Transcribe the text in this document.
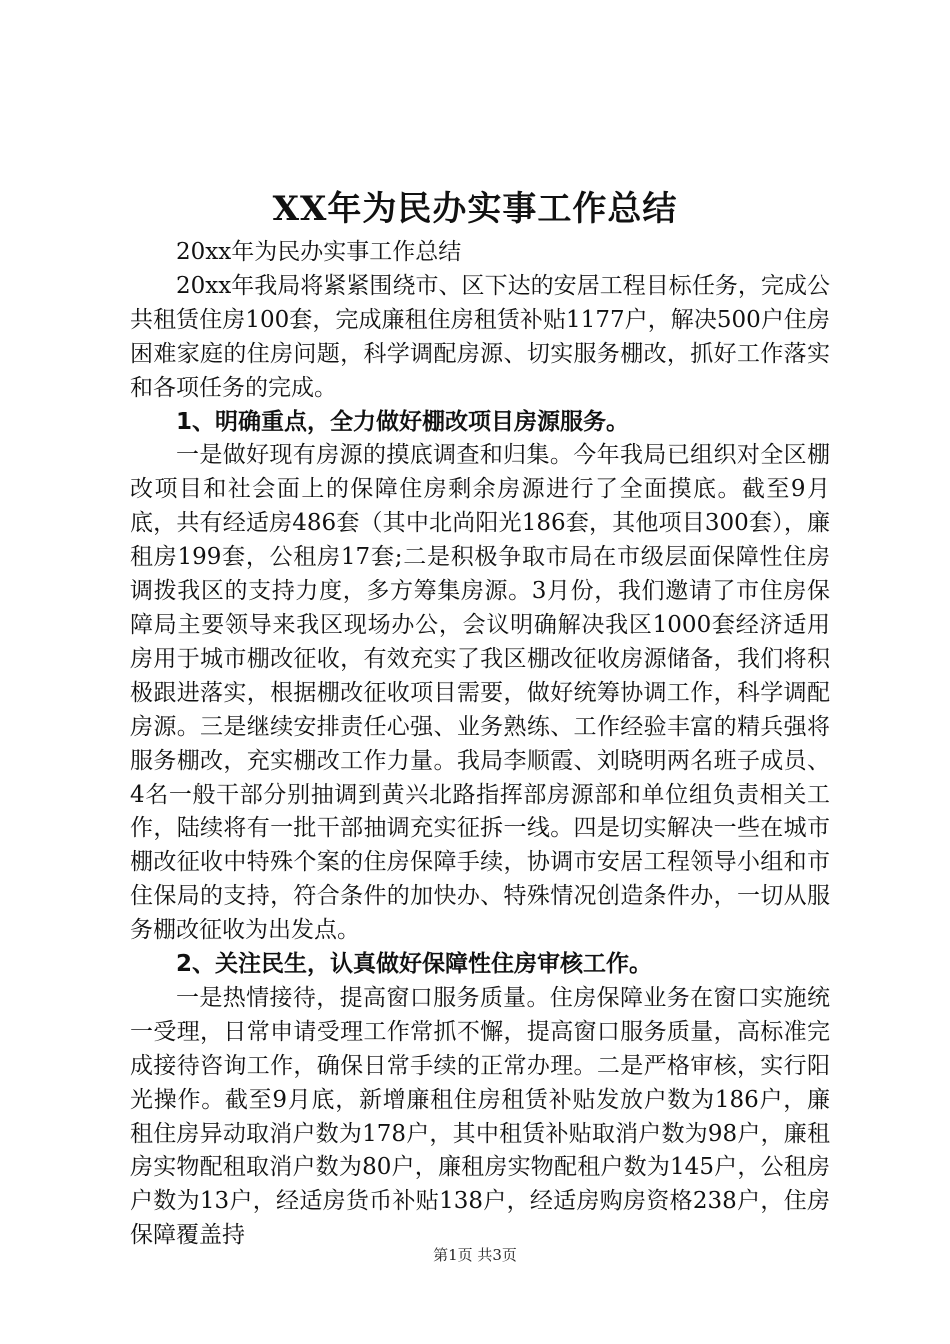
XX年为民办实事工作总结

20xx年为民办实事工作总结

20xx年我局将紧紧围绕市、区下达的安居工程目标任务，完成公共租赁住房100套，完成廉租住房租赁补贴1177户，解决500户住房困难家庭的住房问题，科学调配房源、切实服务棚改，抓好工作落实和各项任务的完成。

1、明确重点，全力做好棚改项目房源服务。

一是做好现有房源的摸底调查和归集。今年我局已组织对全区棚改项目和社会面上的保障住房剩余房源进行了全面摸底。截至9月底，共有经适房486套（其中北尚阳光186套，其他项目300套），廉租房199套，公租房17套;二是积极争取市局在市级层面保障性住房调拨我区的支持力度，多方筹集房源。3月份，我们邀请了市住房保障局主要领导来我区现场办公，会议明确解决我区1000套经济适用房用于城市棚改征收，有效充实了我区棚改征收房源储备，我们将积极跟进落实，根据棚改征收项目需要，做好统筹协调工作，科学调配房源。三是继续安排责任心强、业务熟练、工作经验丰富的精兵强将服务棚改，充实棚改工作力量。我局李顺霞、刘晓明两名班子成员、4名一般干部分别抽调到黄兴北路指挥部房源部和单位组负责相关工作，陆续将有一批干部抽调充实征拆一线。四是切实解决一些在城市棚改征收中特殊个案的住房保障手续，协调市安居工程领导小组和市住保局的支持，符合条件的加快办、特殊情况创造条件办，一切从服务棚改征收为出发点。

2、关注民生，认真做好保障性住房审核工作。

一是热情接待，提高窗口服务质量。住房保障业务在窗口实施统一受理，日常申请受理工作常抓不懈，提高窗口服务质量，高标准完成接待咨询工作，确保日常手续的正常办理。二是严格审核，实行阳光操作。截至9月底，新增廉租住房租赁补贴发放户数为186户，廉租住房异动取消户数为178户，其中租赁补贴取消户数为98户，廉租房实物配租取消户数为80户，廉租房实物配租户数为145户，公租房户数为13户，经适房货币补贴138户，经适房购房资格238户，住房保障覆盖持

第1页 共3页
